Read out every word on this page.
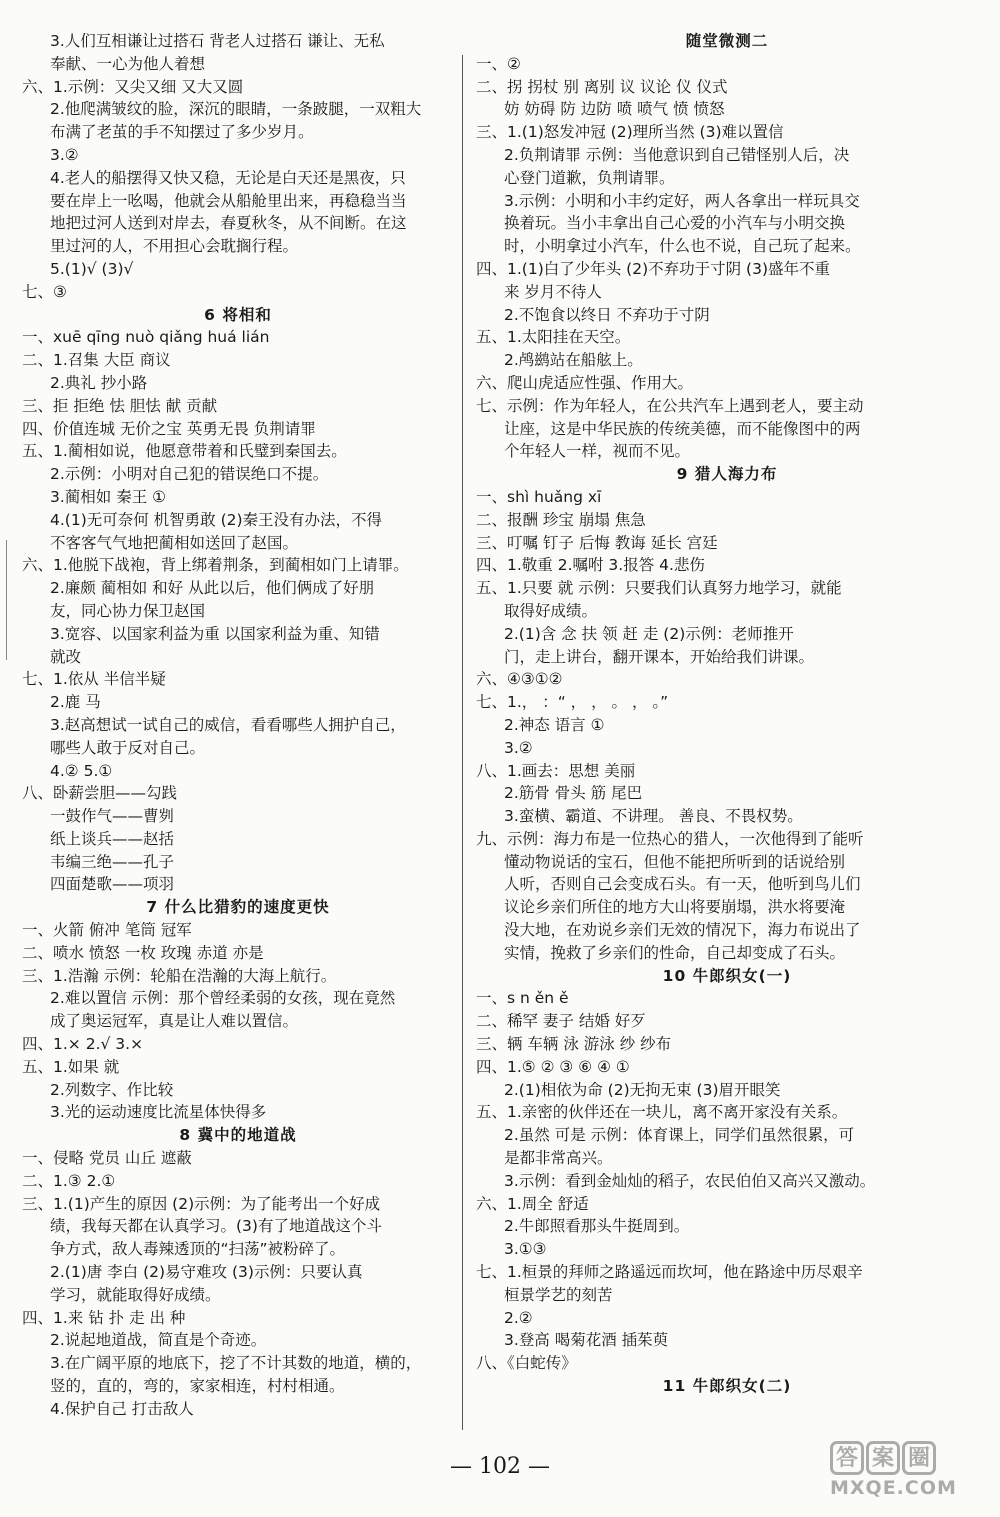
3.人们互相谦让过搭石 背老人过搭石 谦让、无私
奉献、一心为他人着想
六、1.示例：又尖又细 又大又圆
2.他爬满皱纹的脸，深沉的眼睛，一条跛腿，一双粗大
布满了老茧的手不知摆过了多少岁月。
3.②
4.老人的船摆得又快又稳，无论是白天还是黑夜，只
要在岸上一吆喝，他就会从船舱里出来，再稳稳当当
地把过河人送到对岸去，春夏秋冬，从不间断。在这
里过河的人，不用担心会耽搁行程。
5.(1)√ (3)√
七、③
6 将相和
一、xuē qīng nuò qiǎng huá lián
二、1.召集 大臣 商议
2.典礼 抄小路
三、拒 拒绝 怯 胆怯 献 贡献
四、价值连城 无价之宝 英勇无畏 负荆请罪
五、1.蔺相如说，他愿意带着和氏璧到秦国去。
2.示例：小明对自己犯的错误绝口不提。
3.蔺相如 秦王 ①
4.(1)无可奈何 机智勇敢 (2)秦王没有办法，不得
不客客气气地把蔺相如送回了赵国。
六、1.他脱下战袍，背上绑着荆条，到蔺相如门上请罪。
2.廉颇 蔺相如 和好 从此以后，他们俩成了好朋
友，同心协力保卫赵国
3.宽容、以国家利益为重 以国家利益为重、知错
就改
七、1.依从 半信半疑
2.鹿 马
3.赵高想试一试自己的威信，看看哪些人拥护自己，
哪些人敢于反对自己。
4.② 5.①
八、卧薪尝胆——勾践
一鼓作气——曹刿
纸上谈兵——赵括
韦编三绝——孔子
四面楚歌——项羽
7 什么比猎豹的速度更快
一、火箭 俯冲 笔筒 冠军
二、喷水 愤怒 一枚 玫瑰 赤道 亦是
三、1.浩瀚 示例：轮船在浩瀚的大海上航行。
2.难以置信 示例：那个曾经柔弱的女孩，现在竟然
成了奥运冠军，真是让人难以置信。
四、1.× 2.√ 3.×
五、1.如果 就
2.列数字、作比较
3.光的运动速度比流星体快得多
8 冀中的地道战
一、侵略 党员 山丘 遮蔽
二、1.③ 2.①
三、1.(1)产生的原因 (2)示例：为了能考出一个好成
绩，我每天都在认真学习。(3)有了地道战这个斗
争方式，敌人毒辣透顶的“扫荡”被粉碎了。
2.(1)唐 李白 (2)易守难攻 (3)示例：只要认真
学习，就能取得好成绩。
四、1.来 钻 扑 走 出 种
2.说起地道战，简直是个奇迹。
3.在广阔平原的地底下，挖了不计其数的地道，横的，
竖的，直的，弯的，家家相连，村村相通。
4.保护自己 打击敌人
随堂微测二
一、②
二、拐 拐杖 别 离别 议 议论 仪 仪式
妨 妨碍 防 边防 喷 喷气 愤 愤怒
三、1.(1)怒发冲冠 (2)理所当然 (3)难以置信
2.负荆请罪 示例：当他意识到自己错怪别人后，决
心登门道歉，负荆请罪。
3.示例：小明和小丰约定好，两人各拿出一样玩具交
换着玩。当小丰拿出自己心爱的小汽车与小明交换
时，小明拿过小汽车，什么也不说，自己玩了起来。
四、1.(1)白了少年头 (2)不弃功于寸阴 (3)盛年不重
来 岁月不待人
2.不饱食以终日 不弃功于寸阴
五、1.太阳挂在天空。
2.鸬鹚站在船舷上。
六、爬山虎适应性强、作用大。
七、示例：作为年轻人，在公共汽车上遇到老人，要主动
让座，这是中华民族的传统美德，而不能像图中的两
个年轻人一样，视而不见。
9 猎人海力布
一、shì huǎng xī
二、报酬 珍宝 崩塌 焦急
三、叮嘱 钉子 后悔 教诲 延长 宫廷
四、1.敬重 2.嘱咐 3.报答 4.悲伤
五、1.只要 就 示例：只要我们认真努力地学习，就能
取得好成绩。
2.(1)含 念 扶 领 赶 走 (2)示例：老师推开
门，走上讲台，翻开课本，开始给我们讲课。
六、④③①②
七、1.， ：“ ， ， 。 ， 。”
2.神态 语言 ①
3.②
八、1.画去：思想 美丽
2.筋骨 骨头 筋 尾巴
3.蛮横、霸道、不讲理。 善良、不畏权势。
九、示例：海力布是一位热心的猎人，一次他得到了能听
懂动物说话的宝石，但他不能把所听到的话说给别
人听，否则自己会变成石头。有一天，他听到鸟儿们
议论乡亲们所住的地方大山将要崩塌，洪水将要淹
没大地，在劝说乡亲们无效的情况下，海力布说出了
实情，挽救了乡亲们的性命，自己却变成了石头。
10 牛郎织女(一)
一、s n ěn ě
二、稀罕 妻子 结婚 好歹
三、辆 车辆 泳 游泳 纱 纱布
四、1.⑤ ② ③ ⑥ ④ ①
2.(1)相依为命 (2)无拘无束 (3)眉开眼笑
五、1.亲密的伙伴还在一块儿，离不离开家没有关系。
2.虽然 可是 示例：体育课上，同学们虽然很累，可
是都非常高兴。
3.示例：看到金灿灿的稻子，农民伯伯又高兴又激动。
六、1.周全 舒适
2.牛郎照看那头牛挺周到。
3.①③
七、1.桓景的拜师之路遥远而坎坷，他在路途中历尽艰辛
桓景学艺的刻苦
2.②
3.登高 喝菊花酒 插茱萸
八、《白蛇传》
11 牛郎织女(二)
— 102 —	答 案 圈
MXQE.COM
